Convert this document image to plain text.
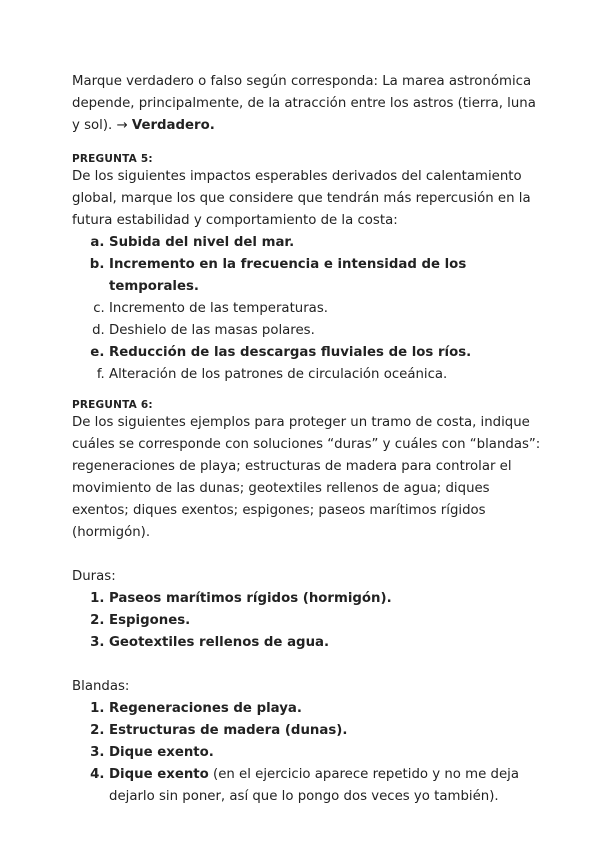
Marque verdadero o falso según corresponda: La marea astronómica depende, principalmente, de la atracción entre los astros (tierra, luna y sol). → Verdadero.

PREGUNTA 5:

De los siguientes impactos esperables derivados del calentamiento global, marque los que considere que tendrán más repercusión en la futura estabilidad y comportamiento de la costa:

a. Subida del nivel del mar.
b. Incremento en la frecuencia e intensidad de los temporales.
c. Incremento de las temperaturas.
d. Deshielo de las masas polares.
e. Reducción de las descargas fluviales de los ríos.
f. Alteración de los patrones de circulación oceánica.
PREGUNTA 6:

De los siguientes ejemplos para proteger un tramo de costa, indique cuáles se corresponde con soluciones “duras” y cuáles con “blandas”: regeneraciones de playa; estructuras de madera para controlar el movimiento de las dunas; geotextiles rellenos de agua; diques exentos; diques exentos; espigones; paseos marítimos rígidos (hormigón).

Duras:

1. Paseos marítimos rígidos (hormigón).
2. Espigones.
3. Geotextiles rellenos de agua.

Blandas:

1. Regeneraciones de playa.
2. Estructuras de madera (dunas).
3. Dique exento.
4. Dique exento (en el ejercicio aparece repetido y no me deja dejarlo sin poner, así que lo pongo dos veces yo también).
